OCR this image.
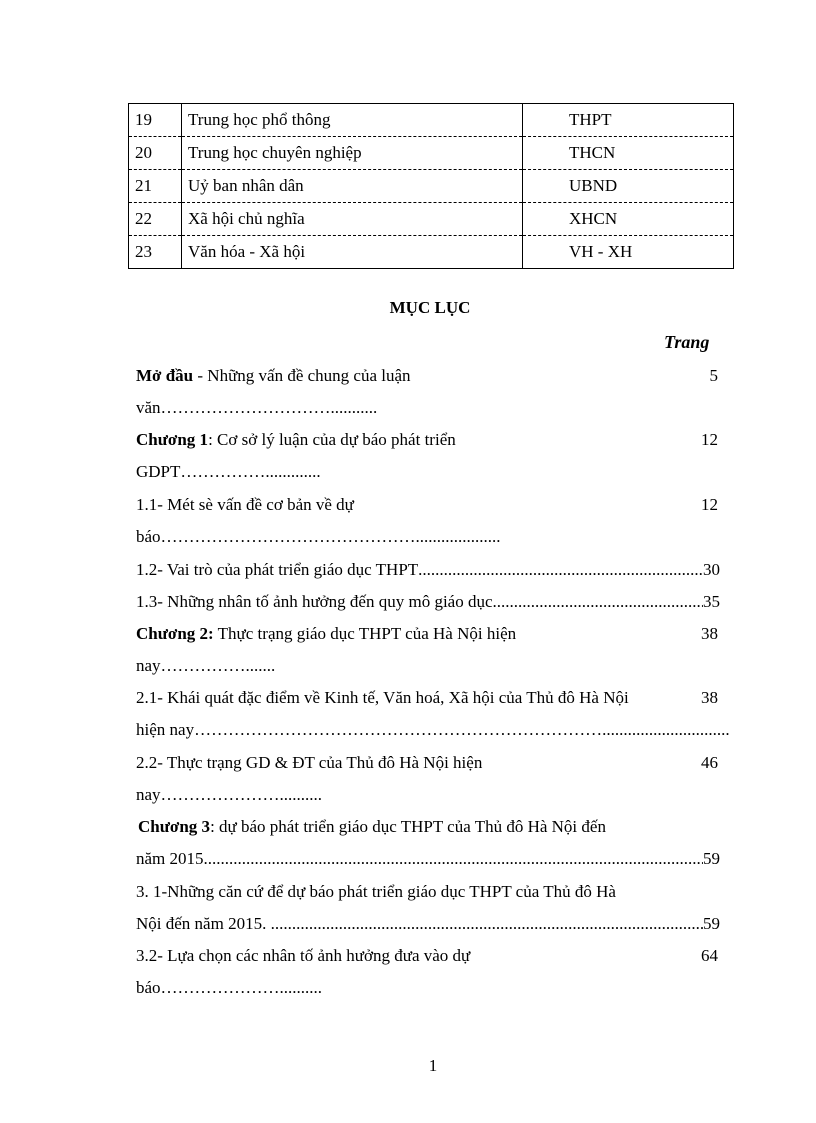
19	Trung học phổ thông	THPT
20	Trung học chuyên nghiệp	THCN
21	Uỷ ban nhân dân	UBND
22	Xã hội chủ nghĩa	XHCN
23	Văn hóa - Xã hội	VH - XH
MỤC LỤC
Trang
Mở đầu - Những vấn đề chung của luận	5
văn…………………………...........
Chương 1: Cơ sở lý luận của dự báo phát triển	12
GDPT…………….............
1.1- Mét sè vấn đề cơ bản về dự	12
báo………………………………………....................
1.2- Vai trò của phát triển giáo dục THPT .....	30
1.3- Những nhân tố ảnh hưởng đến quy mô giáo dục .....	35
Chương 2: Thực trạng giáo dục THPT của Hà Nội hiện	38
nay…………….......
2.1- Khái quát đặc điểm về Kinh tế, Văn hoá, Xã hội của Thủ đô Hà Nội	38
hiện nay………………………………………………………………..............................
2.2- Thực trạng GD & ĐT của Thủ đô Hà Nội hiện	46
nay…………………..........
Chương 3: dự báo phát triển giáo dục THPT của Thủ đô Hà Nội đến
năm 2015 .....	59
3. 1-Những căn cứ để dự báo phát triển giáo dục THPT của Thủ đô Hà
Nội đến năm 2015. .....	59
3.2- Lựa chọn các nhân tố ảnh hưởng đưa vào dự	64
báo…………………..........
1
